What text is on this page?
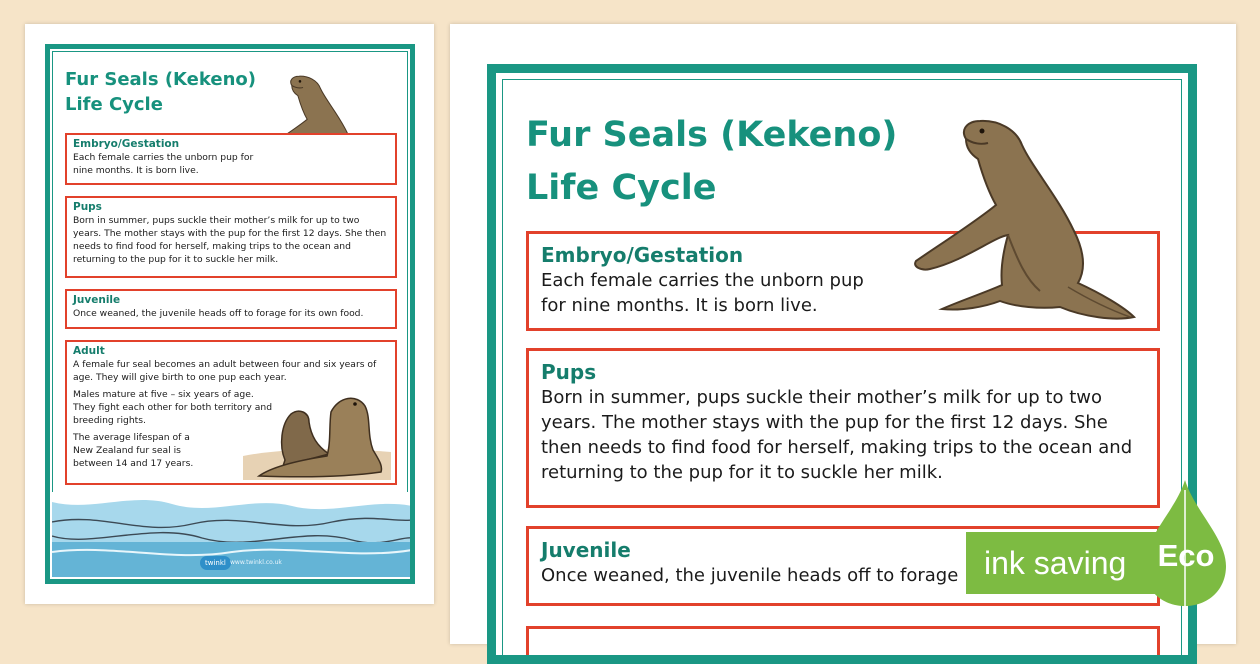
Fur Seals (Kekeno)
Life Cycle
Embryo/Gestation

Each female carries the unborn pup for nine months. It is born live.

Pups

Born in summer, pups suckle their mother’s milk for up to two years. The mother stays with the pup for the first 12 days. She then needs to find food for herself, making trips to the ocean and returning to the pup for it to suckle her milk.

Juvenile

Once weaned, the juvenile heads off to forage for its own food.

Adult

A female fur seal becomes an adult between four and six years of age. They will give birth to one pup each year.

Males mature at five – six years of age. They fight each other for both territory and breeding rights.

The average lifespan of a New Zealand fur seal is between 14 and 17 years.

twinkl www.twinkl.co.uk
Fur Seals (Kekeno)
Life Cycle
Embryo/Gestation

Each female carries the unborn pup for nine months. It is born live.

Pups

Born in summer, pups suckle their mother’s milk for up to two years. The mother stays with the pup for the first 12 days. She then needs to find food for herself, making trips to the ocean and returning to the pup for it to suckle her milk.

Juvenile

Once weaned, the juvenile heads off to forage ink saving	Eco
